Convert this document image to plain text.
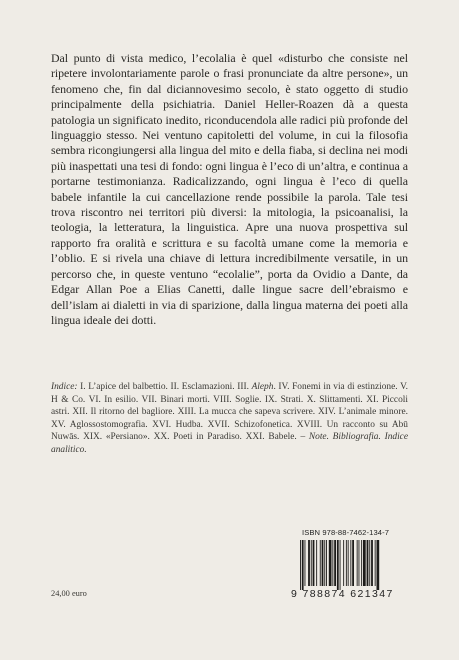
Dal punto di vista medico, l’ecolalia è quel «disturbo che consiste nel ripetere involontariamente parole o frasi pronunciate da altre persone», un fenomeno che, fin dal diciannovesimo secolo, è stato oggetto di studio principalmente della psichiatria. Daniel Heller-Roazen dà a questa patologia un significato inedito, riconducendola alle radici più profonde del linguaggio stesso. Nei ventuno capitoletti del volume, in cui la filosofia sembra ricongiungersi alla lingua del mito e della fiaba, si declina nei modi più inaspettati una tesi di fondo: ogni lingua è l’eco di un’altra, e continua a portarne testimonianza. Radicalizzando, ogni lingua è l’eco di quella babele infantile la cui cancellazione rende possibile la parola. Tale tesi trova riscontro nei territori più diversi: la mitologia, la psicoanalisi, la teologia, la letteratura, la linguistica. Apre una nuova prospettiva sul rapporto fra oralità e scrittura e su facoltà umane come la memoria e l’oblio. E si rivela una chiave di lettura incredibilmente versatile, in un percorso che, in queste ventuno “ecolalie”, porta da Ovidio a Dante, da Edgar Allan Poe a Elias Canetti, dalle lingue sacre dell’ebraismo e dell’islam ai dialetti in via di sparizione, dalla lingua materna dei poeti alla lingua ideale dei dotti.
Indice: I. L’apice del balbettio. II. Esclamazioni. III. Aleph. IV. Fonemi in via di estinzione. V. H & Co. VI. In esilio. VII. Binari morti. VIII. Soglie. IX. Strati. X. Slittamenti. XI. Piccoli astri. XII. Il ritorno del bagliore. XIII. La mucca che sapeva scrivere. XIV. L’animale minore. XV. Aglossostomografia. XVI. Hudba. XVII. Schizofonetica. XVIII. Un racconto su Abū Nuwās. XIX. «Persiano». XX. Poeti in Paradiso. XXI. Babele. – Note. Bibliografia. Indice analitico.
ISBN 978-88-7462-134-7
9 788874 621347
24,00 euro
